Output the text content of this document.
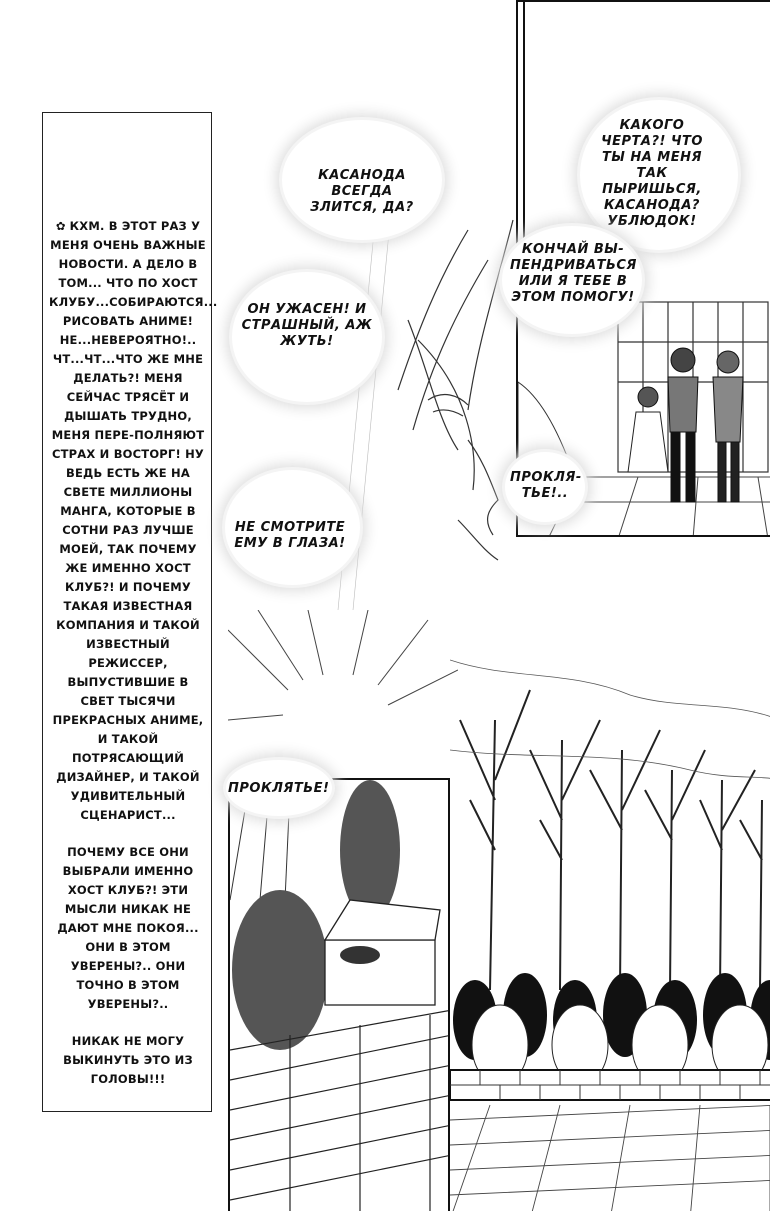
✿ КХМ. В ЭТОТ РАЗ У МЕНЯ ОЧЕНЬ ВАЖНЫЕ НОВОСТИ. А ДЕЛО В ТОМ... ЧТО ПО ХОСТ КЛУБУ...СОБИРАЮТСЯ... РИСОВАТЬ АНИМЕ! НЕ...НЕВЕРОЯТНО!.. ЧТ...ЧТ...ЧТО ЖЕ МНЕ ДЕЛАТЬ?! МЕНЯ СЕЙЧАС ТРЯСЁТ И ДЫШАТЬ ТРУДНО, МЕНЯ ПЕРЕ-ПОЛНЯЮТ СТРАХ И ВОСТОРГ! НУ ВЕДЬ ЕСТЬ ЖЕ НА СВЕТЕ МИЛЛИОНЫ МАНГА, КОТОРЫЕ В СОТНИ РАЗ ЛУЧШЕ МОЕЙ, ТАК ПОЧЕМУ ЖЕ ИМЕННО ХОСТ КЛУБ?! И ПОЧЕМУ ТАКАЯ ИЗВЕСТНАЯ КОМПАНИЯ И ТАКОЙ ИЗВЕСТНЫЙ РЕЖИССЕР, ВЫПУСТИВШИЕ В СВЕТ ТЫСЯЧИ ПРЕКРАСНЫХ АНИМЕ, И ТАКОЙ ПОТРЯСАЮЩИЙ ДИЗАЙНЕР, И ТАКОЙ УДИВИТЕЛЬНЫЙ СЦЕНАРИСТ...

ПОЧЕМУ ВСЕ ОНИ ВЫБРАЛИ ИМЕННО ХОСТ КЛУБ?! ЭТИ МЫСЛИ НИКАК НЕ ДАЮТ МНЕ ПОКОЯ... ОНИ В ЭТОМ УВЕРЕНЫ?.. ОНИ ТОЧНО В ЭТОМ УВЕРЕНЫ?..

НИКАК НЕ МОГУ ВЫКИНУТЬ ЭТО ИЗ ГОЛОВЫ!!!

КАСАНОДА ВСЕГДА ЗЛИТСЯ, ДА?
ОН УЖАСЕН! И СТРАШНЫЙ, АЖ ЖУТЬ!
НЕ СМОТРИТЕ ЕМУ В ГЛАЗА!
КАКОГО ЧЕРТА?! ЧТО ТЫ НА МЕНЯ ТАК ПЫРИШЬСЯ, КАСАНОДА? УБЛЮДОК!
КОНЧАЙ ВЫ-ПЕНДРИВАТЬСЯ ИЛИ Я ТЕБЕ В ЭТОМ ПОМОГУ!
ПРОКЛЯ-ТЬЕ!..
ПРОКЛЯТЬЕ!
